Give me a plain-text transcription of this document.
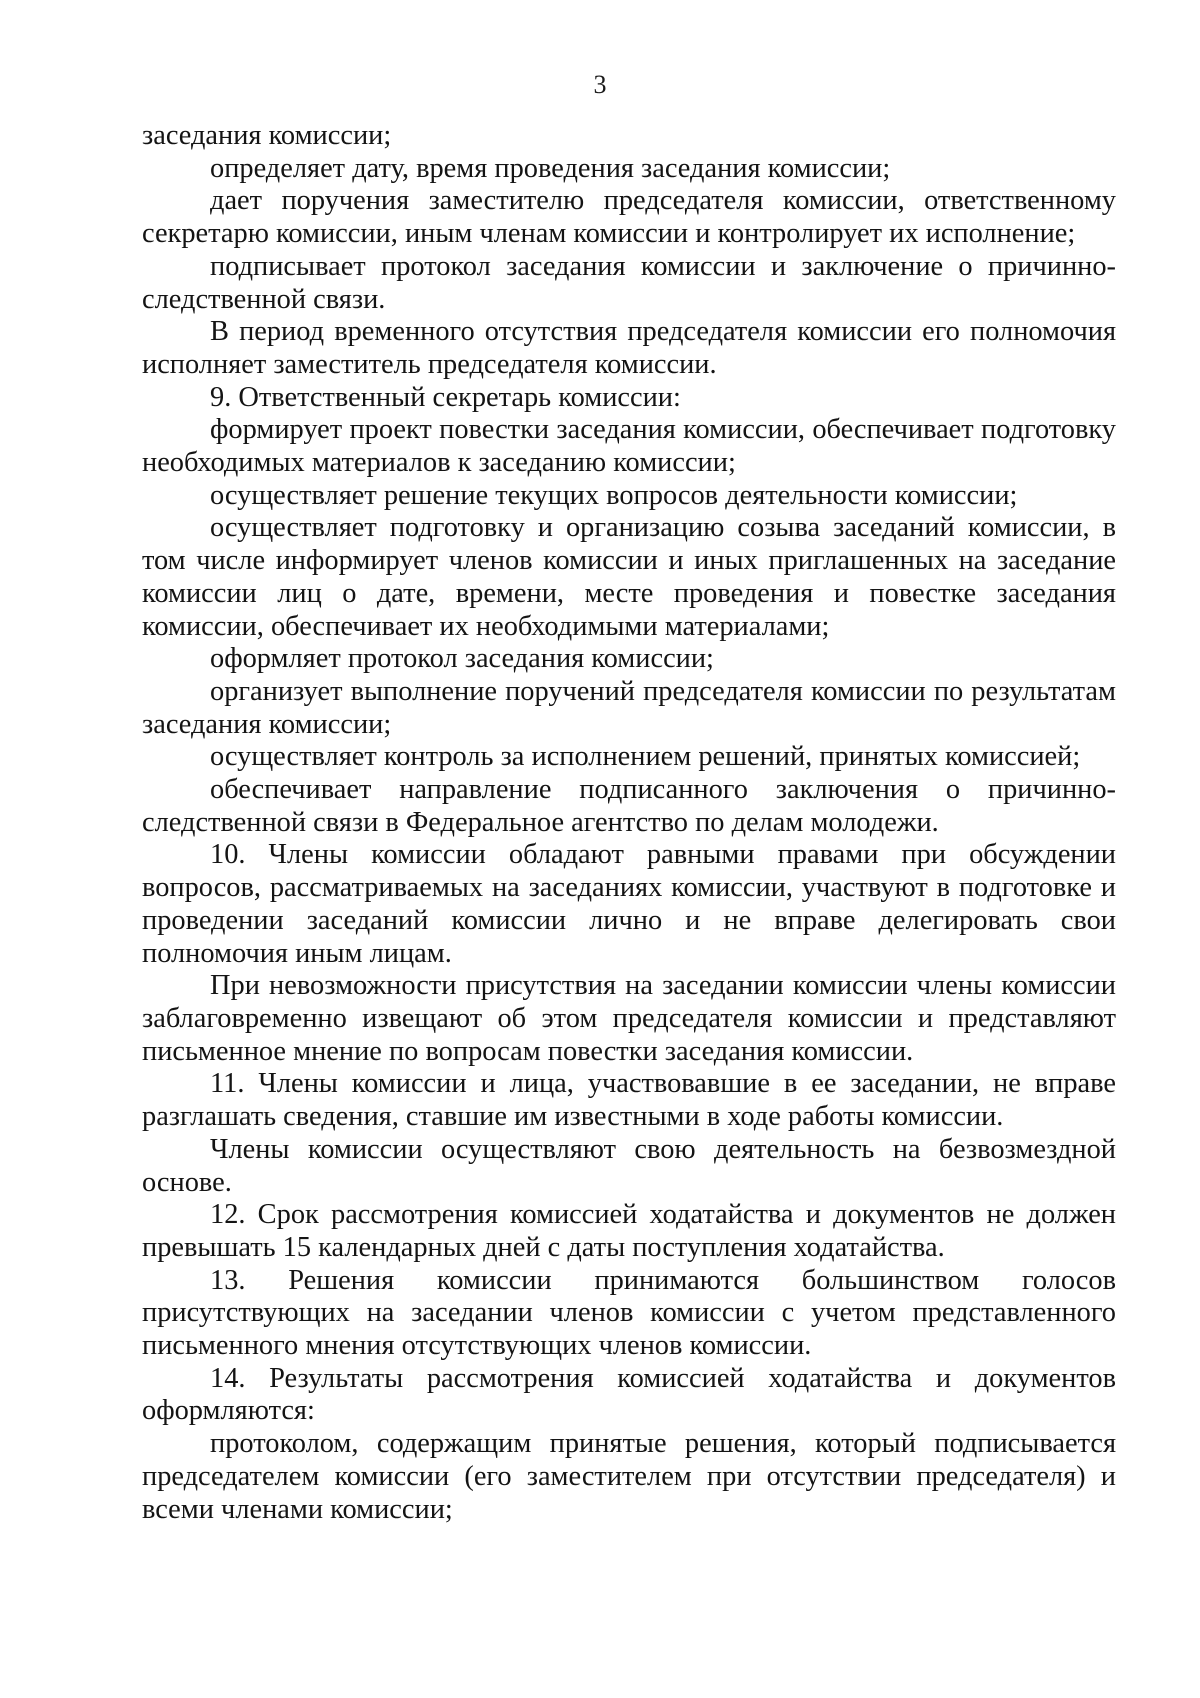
3

заседания комиссии;

определяет дату, время проведения заседания комиссии;

дает поручения заместителю председателя комиссии, ответственному секретарю комиссии, иным членам комиссии и контролирует их исполнение;

подписывает протокол заседания комиссии и заключение о причинно-следственной связи.

В период временного отсутствия председателя комиссии его полномочия исполняет заместитель председателя комиссии.

9. Ответственный секретарь комиссии:

формирует проект повестки заседания комиссии, обеспечивает подготовку необходимых материалов к заседанию комиссии;

осуществляет решение текущих вопросов деятельности комиссии;

осуществляет подготовку и организацию созыва заседаний комиссии, в том числе информирует членов комиссии и иных приглашенных на заседание комиссии лиц о дате, времени, месте проведения и повестке заседания комиссии, обеспечивает их необходимыми материалами;

оформляет протокол заседания комиссии;

организует выполнение поручений председателя комиссии по результатам заседания комиссии;

осуществляет контроль за исполнением решений, принятых комиссией;

обеспечивает направление подписанного заключения о причинно-следственной связи в Федеральное агентство по делам молодежи.

10. Члены комиссии обладают равными правами при обсуждении вопросов, рассматриваемых на заседаниях комиссии, участвуют в подготовке и проведении заседаний комиссии лично и не вправе делегировать свои полномочия иным лицам.

При невозможности присутствия на заседании комиссии члены комиссии заблаговременно извещают об этом председателя комиссии и представляют письменное мнение по вопросам повестки заседания комиссии.

11. Члены комиссии и лица, участвовавшие в ее заседании, не вправе разглашать сведения, ставшие им известными в ходе работы комиссии.

Члены комиссии осуществляют свою деятельность на безвозмездной основе.

12. Срок рассмотрения комиссией ходатайства и документов не должен превышать 15 календарных дней с даты поступления ходатайства.

13. Решения комиссии принимаются большинством голосов присутствующих на заседании членов комиссии с учетом представленного письменного мнения отсутствующих членов комиссии.

14. Результаты рассмотрения комиссией ходатайства и документов оформляются:

протоколом, содержащим принятые решения, который подписывается председателем комиссии (его заместителем при отсутствии председателя) и всеми членами комиссии;
